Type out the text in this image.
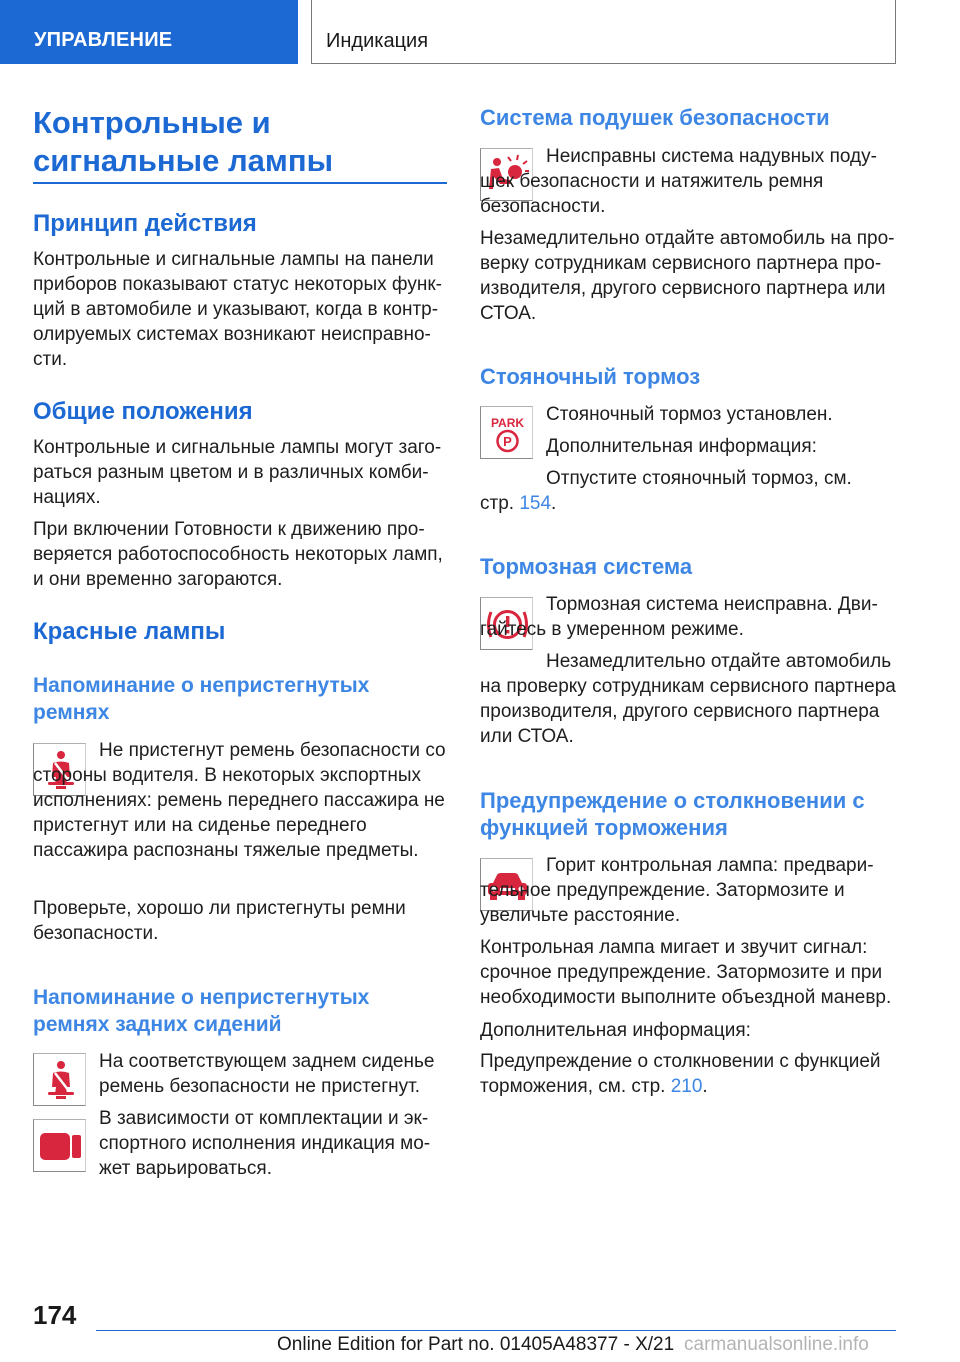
УПРАВЛЕНИЕ	Индикация
Контрольные и
сигнальные лампы
Принцип действия
Контрольные и сигнальные лампы на панели приборов показывают статус некоторых функций в автомобиле и указывают, когда в контролируемых системах возникают неисправности.
Общие положения
Контрольные и сигнальные лампы могут загораться разным цветом и в различных комбинациях.
При включении Готовности к движению проверяется работоспособность некоторых ламп, и они временно загораются.
Красные лампы
Напоминание о непристегнутых ремнях
Не пристегнут ремень безопасности со стороны водителя. В некоторых экспортных исполнениях: ремень переднего пассажира не пристегнут или на сиденье переднего пассажира распознаны тяжелые предметы.
Проверьте, хорошо ли пристегнуты ремни безопасности.
Напоминание о непристегнутых ремнях задних сидений
На соответствующем заднем сиденье ремень безопасности не пристегнут.
В зависимости от комплектации и экспортного исполнения индикация может варьироваться.
Система подушек безопасности
Неисправны система надувных подушек безопасности и натяжитель ремня безопасности.
Незамедлительно отдайте автомобиль на проверку сотрудникам сервисного партнера производителя, другого сервисного партнера или СТОА.
Стояночный тормоз
PARK
P
Стояночный тормоз установлен.
Дополнительная информация:
Отпустите стояночный тормоз, см.
стр. 154.
Тормозная система
Тормозная система неисправна. Двигайтесь в умеренном режиме.
Незамедлительно отдайте автомобиль на проверку сотрудникам сервисного партнера производителя, другого сервисного партнера или СТОА.
Предупреждение о столкновении с функцией торможения
Горит контрольная лампа: предварительное предупреждение. Затормозите и увеличьте расстояние.
Контрольная лампа мигает и звучит сигнал: срочное предупреждение. Затормозите и при необходимости выполните объездной маневр.
Дополнительная информация:
Предупреждение о столкновении с функцией торможения, см. стр. 210.
174
Online Edition for Part no. 01405A48377 - X/21 carmanualsonline.info
